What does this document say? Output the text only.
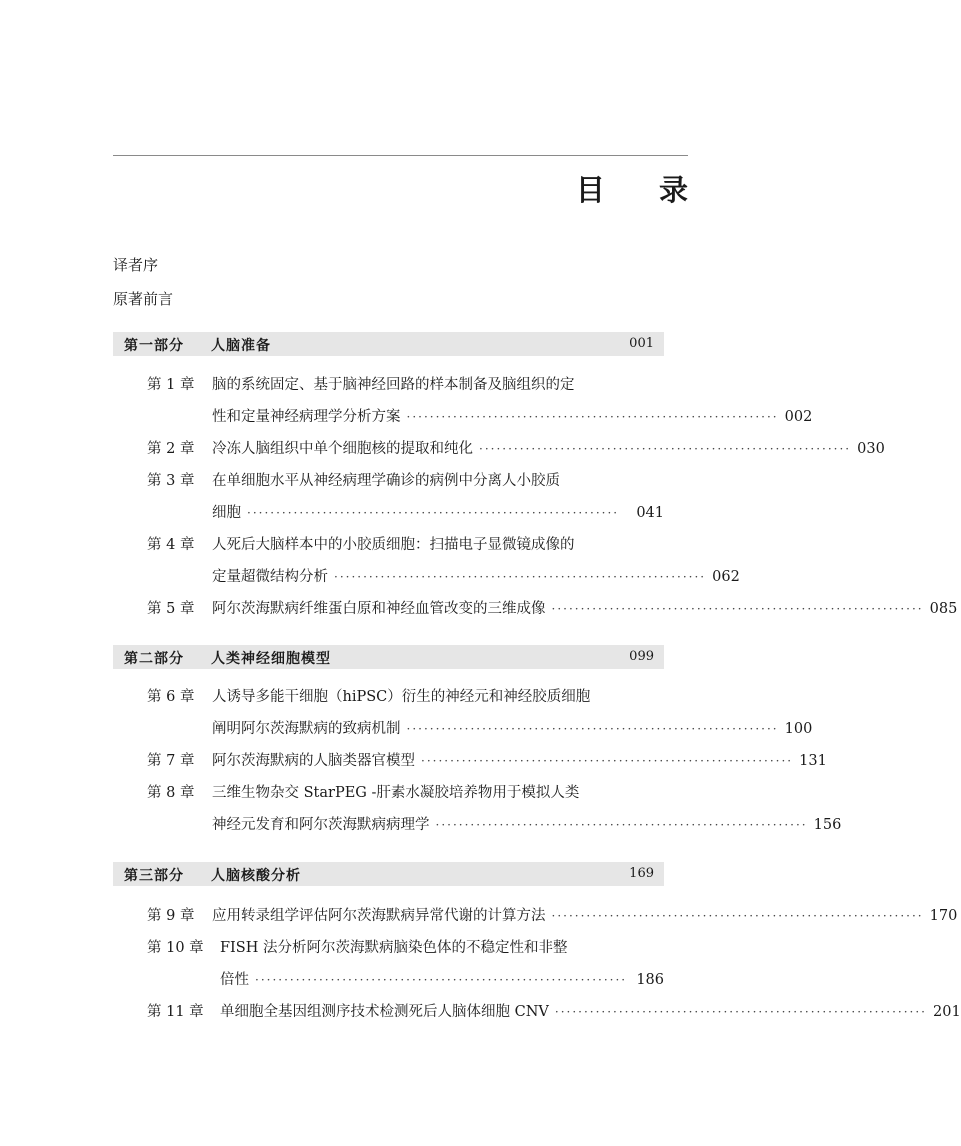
目 录
译者序
原著前言
第一部分 人脑准备	001
第 1 章 脑的系统固定、基于脑神经回路的样本制备及脑组织的定
性和定量神经病理学分析方案 ································································ 002
第 2 章 冷冻人脑组织中单个细胞核的提取和纯化 ································································ 030
第 3 章 在单细胞水平从神经病理学确诊的病例中分离人小胶质
细胞 ································································	041
第 4 章 人死后大脑样本中的小胶质细胞：扫描电子显微镜成像的
定量超微结构分析 ································································ 062
第 5 章 阿尔茨海默病纤维蛋白原和神经血管改变的三维成像 ································································ 085
第二部分 人类神经细胞模型	099
第 6 章 人诱导多能干细胞（hiPSC）衍生的神经元和神经胶质细胞
阐明阿尔茨海默病的致病机制 ································································ 100
第 7 章 阿尔茨海默病的人脑类器官模型 ································································ 131
第 8 章 三维生物杂交 StarPEG -肝素水凝胶培养物用于模拟人类
神经元发育和阿尔茨海默病病理学 ································································ 156
第三部分 人脑核酸分析	169
第 9 章 应用转录组学评估阿尔茨海默病异常代谢的计算方法 ································································ 170
第 10 章 FISH 法分析阿尔茨海默病脑染色体的不稳定性和非整
倍性 ································································ 186
第 11 章 单细胞全基因组测序技术检测死后人脑体细胞 CNV ································································ 201
